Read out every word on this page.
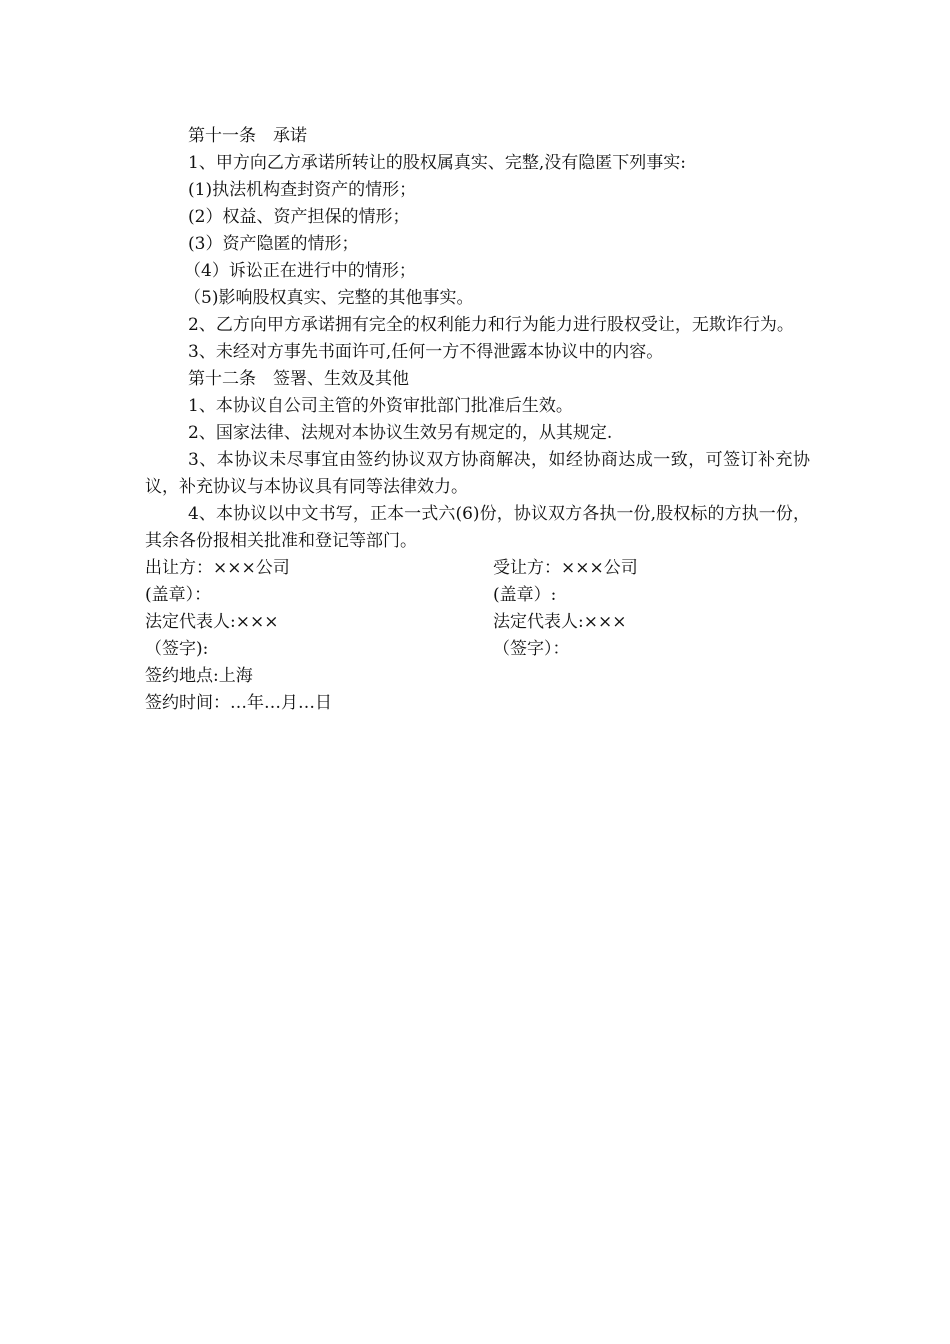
第十一条　承诺

1、甲方向乙方承诺所转让的股权属真实、完整,没有隐匿下列事实:

(1)执法机构查封资产的情形；

(2）权益、资产担保的情形；

(3）资产隐匿的情形；

（4）诉讼正在进行中的情形；

（5)影响股权真实、完整的其他事实。

2、乙方向甲方承诺拥有完全的权利能力和行为能力进行股权受让，无欺诈行为。

3、未经对方事先书面许可,任何一方不得泄露本协议中的内容。

第十二条　签署、生效及其他

1、本协议自公司主管的外资审批部门批准后生效。

2、国家法律、法规对本协议生效另有规定的，从其规定.

3、本协议未尽事宜由签约协议双方协商解决，如经协商达成一致，可签订补充协议，补充协议与本协议具有同等法律效力。

4、本协议以中文书写，正本一式六(6)份，协议双方各执一份,股权标的方执一份，其余各份报相关批准和登记等部门。

出让方：×××公司	受让方：×××公司
(盖章）：	(盖章）:
法定代表人:×××	法定代表人:×××
（签字):	（签字）：

签约地点:上海

签约时间：…年…月…日
